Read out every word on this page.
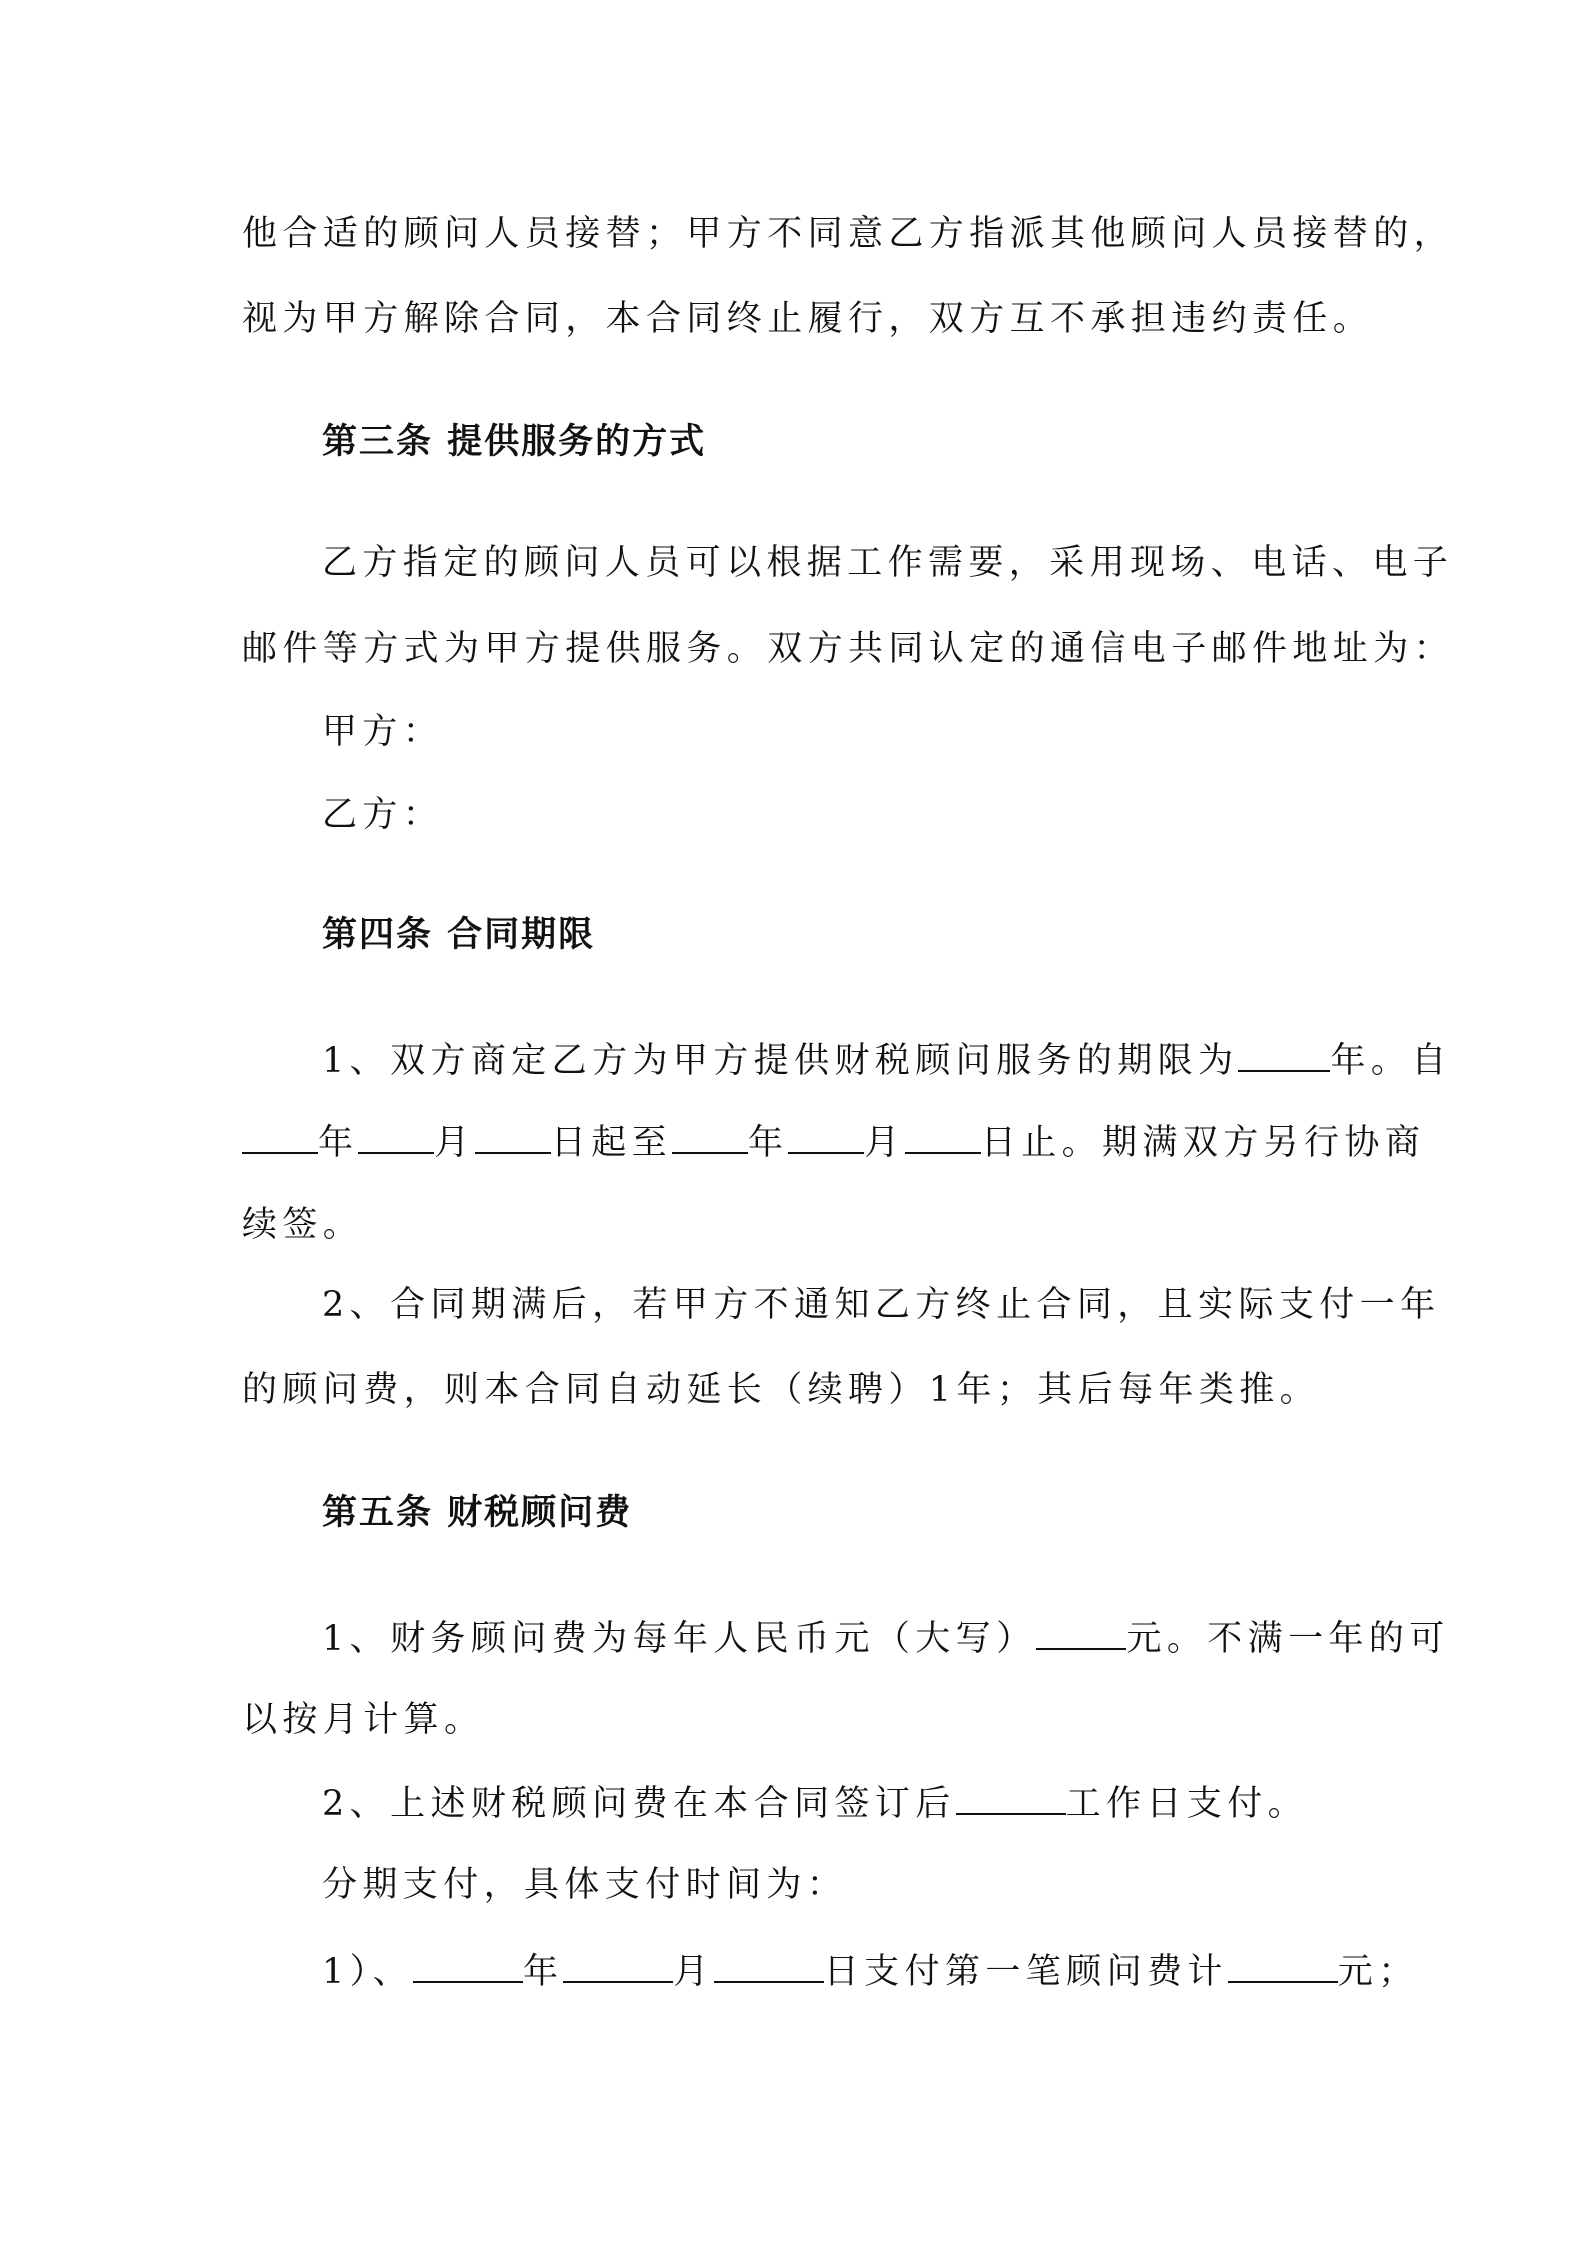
他合适的顾问人员接替；甲方不同意乙方指派其他顾问人员接替的，
视为甲方解除合同，本合同终止履行，双方互不承担违约责任。
第三条 提供服务的方式
乙方指定的顾问人员可以根据工作需要，采用现场、电话、电子
邮件等方式为甲方提供服务。双方共同认定的通信电子邮件地址为：
甲方：
乙方：
第四条 合同期限
1、双方商定乙方为甲方提供财税顾问服务的期限为	年。自
年 月 日起至 年 月 日止。期满双方另行协商
续签。
2、合同期满后，若甲方不通知乙方终止合同，且实际支付一年
的顾问费，则本合同自动延长（续聘）1年；其后每年类推。
第五条 财税顾问费
1、财务顾问费为每年人民币元（大写）	元。不满一年的可
以按月计算。
2、上述财税顾问费在本合同签订后	工作日支付。
分期支付，具体支付时间为：
1）、	年	月	日支付第一笔顾问费计	元；
